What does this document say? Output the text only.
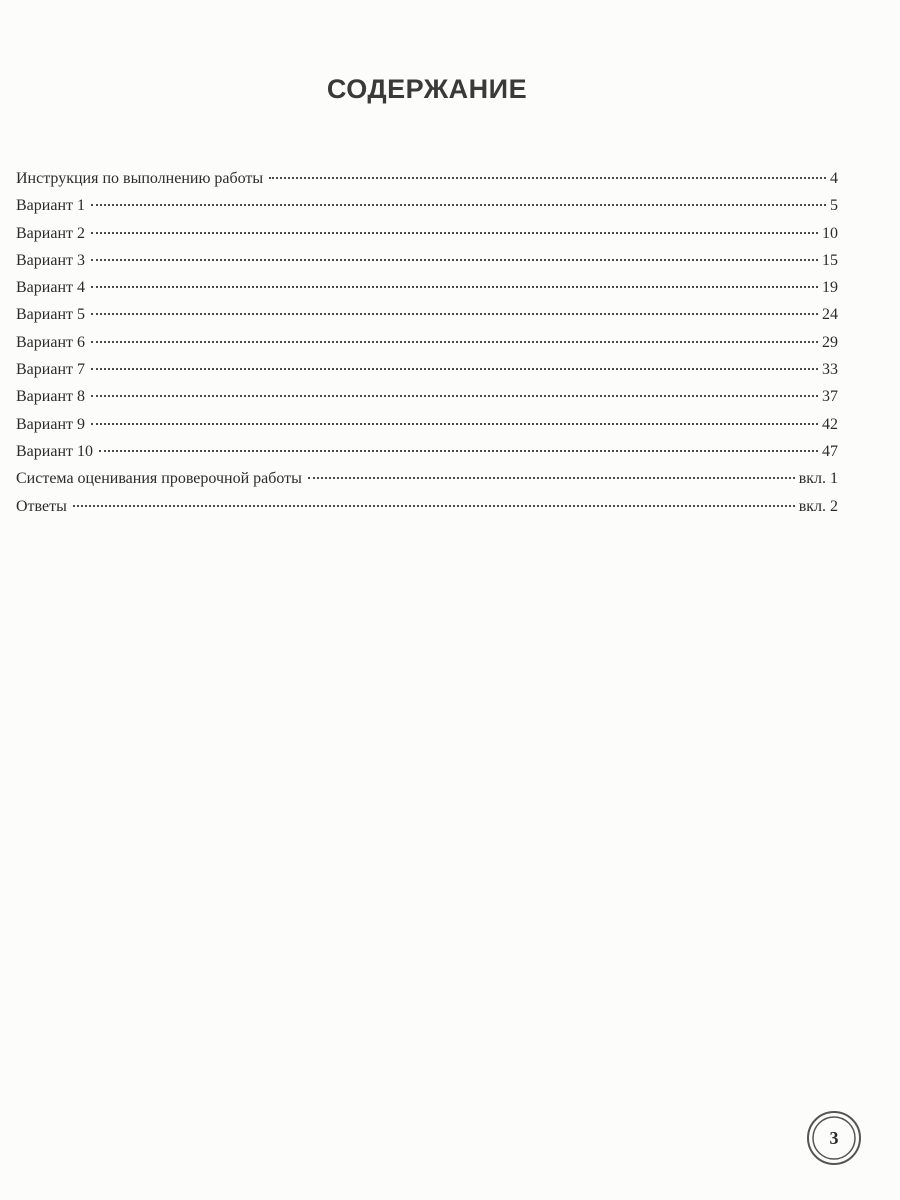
СОДЕРЖАНИЕ
Инструкция по выполнению работы	4
Вариант 1	5
Вариант 2	10
Вариант 3	15
Вариант 4	19
Вариант 5	24
Вариант 6	29
Вариант 7	33
Вариант 8	37
Вариант 9	42
Вариант 10	47
Система оценивания проверочной работы	вкл. 1
Ответы	вкл. 2
3
